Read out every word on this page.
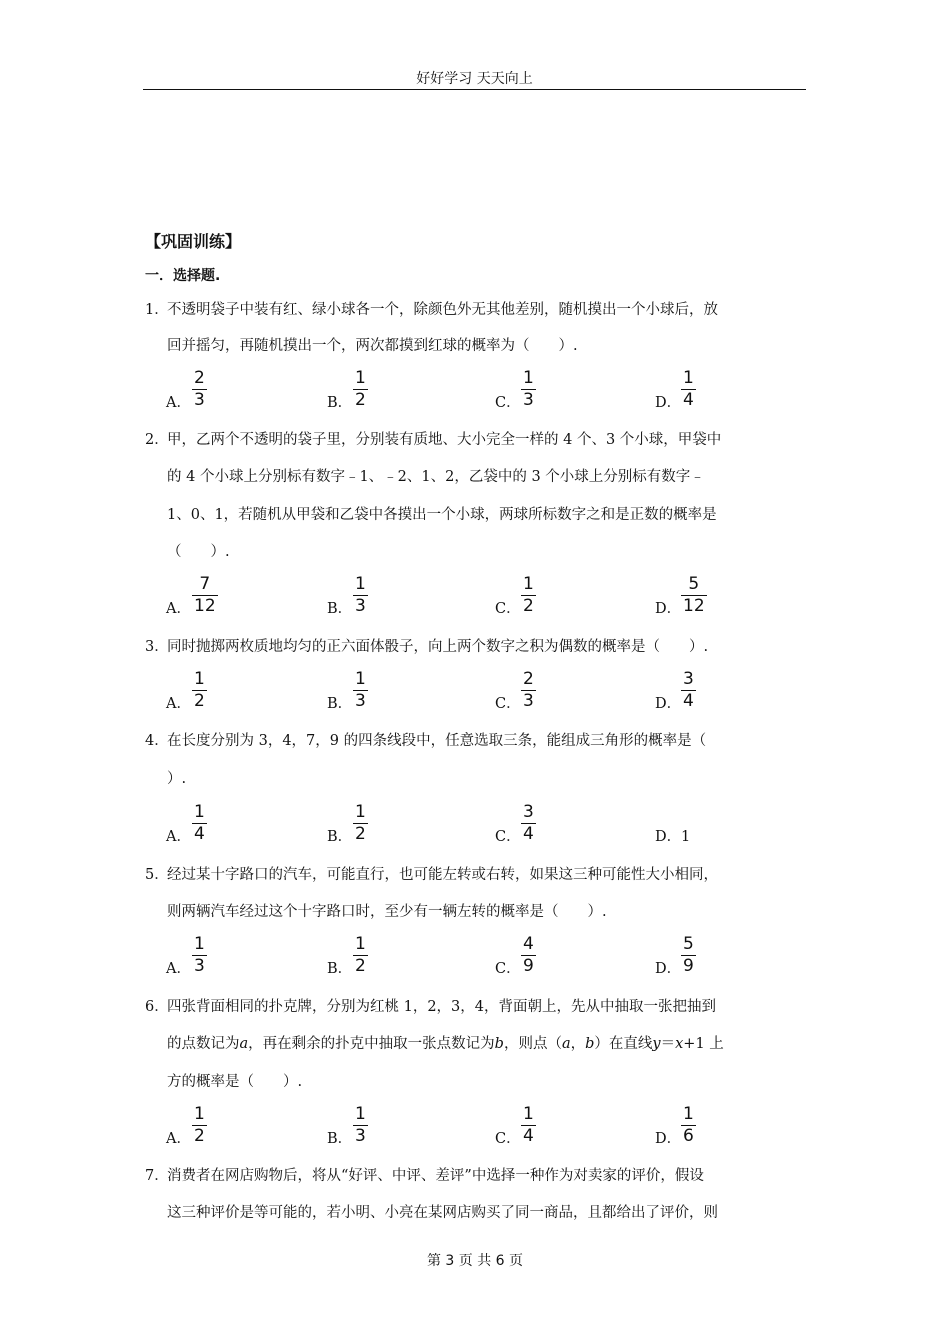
好好学习 天天向上
【巩固训练】
一．选择题.
1．不透明袋子中装有红、绿小球各一个，除颜色外无其他差别，随机摸出一个小球后，放
回并摇匀，再随机摸出一个，两次都摸到红球的概率为（　　）.
A．
2
3	B．
1
2	C．
1
3	D．
1
4
2．甲，乙两个不透明的袋子里，分别装有质地、大小完全一样的 4 个、3 个小球，甲袋中
的 4 个小球上分别标有数字﹣1、﹣2、1、2，乙袋中的 3 个小球上分别标有数字﹣
1、0、1，若随机从甲袋和乙袋中各摸出一个小球，两球所标数字之和是正数的概率是
（　　）.
A．
7
12	B．
1
3	C．
1
2	D．
5
12
3．同时抛掷两枚质地均匀的正六面体骰子，向上两个数字之积为偶数的概率是（　　）.
A．
1
2	B．
1
3	C．
2
3	D．
3
4
4．在长度分别为 3，4，7，9 的四条线段中，任意选取三条，能组成三角形的概率是（
）.
A．
1
4	B．
1
2	C．
3
4	D． 1
5．经过某十字路口的汽车，可能直行，也可能左转或右转，如果这三种可能性大小相同，
则两辆汽车经过这个十字路口时，至少有一辆左转的概率是（　　）.
A．
1
3	B．
1
2	C．
4
9	D．
5
9
6．四张背面相同的扑克牌，分别为红桃 1，2，3，4，背面朝上，先从中抽取一张把抽到
的点数记为a，再在剩余的扑克中抽取一张点数记为b，则点（a，b）在直线y＝x+1 上
方的概率是（　　）.
A．
1
2	B．
1
3	C．
1
4	D．
1
6
7．消费者在网店购物后，将从“好评、中评、差评”中选择一种作为对卖家的评价，假设
这三种评价是等可能的，若小明、小亮在某网店购买了同一商品，且都给出了评价，则
第 3 页 共 6 页
